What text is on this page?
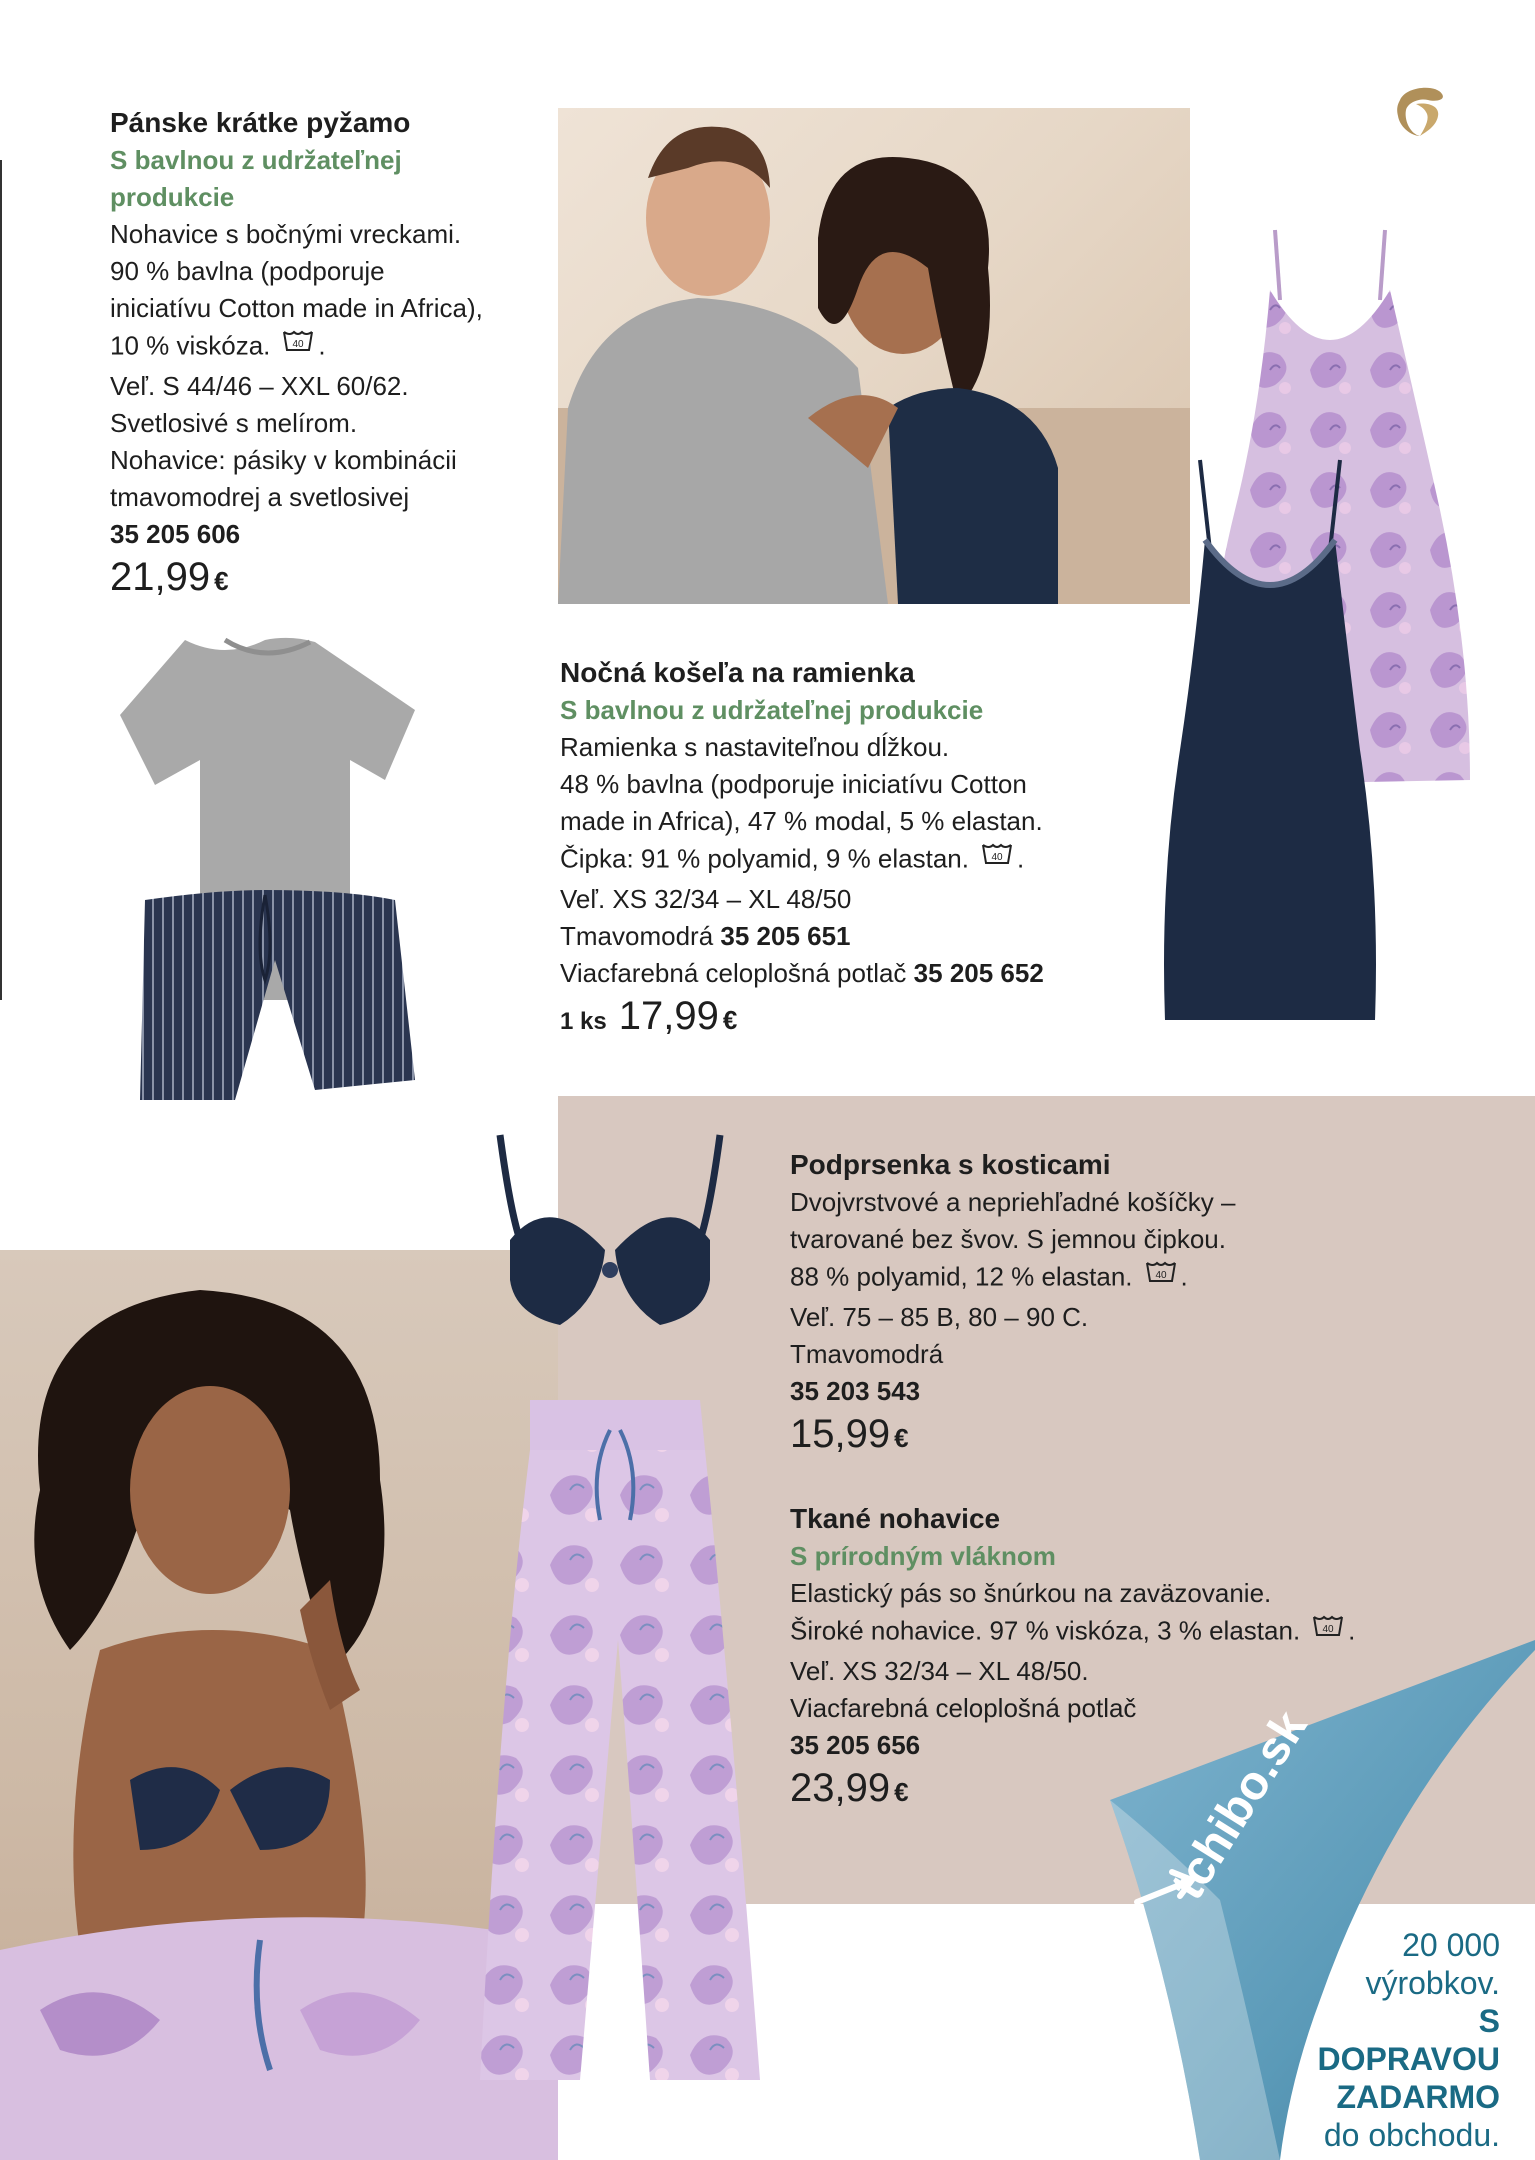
Pánske krátke pyžamo

S bavlnou z udržateľnej

produkcie

Nohavice s bočnými vreckami.

90 % bavlna (podporuje

iniciatívu Cotton made in Africa),

10 % viskóza. 40 .

Veľ. S 44/46 – XXL 60/62.

Svetlosivé s melírom.

Nohavice: pásiky v kombinácii

tmavomodrej a svetlosivej

35 205 606

21,99 €

Nočná košeľa na ramienka

S bavlnou z udržateľnej produkcie

Ramienka s nastaviteľnou dĺžkou.

48 % bavlna (podporuje iniciatívu Cotton

made in Africa), 47 % modal, 5 % elastan.

Čipka: 91 % polyamid, 9 % elastan. 40 .

Veľ. XS 32/34 – XL 48/50

Tmavomodrá 35 205 651

Viacfarebná celoplošná potlač 35 205 652

1 ks 17,99 €

Podprsenka s kosticami

Dvojvrstvové a nepriehľadné košíčky –

tvarované bez švov. S jemnou čipkou.

88 % polyamid, 12 % elastan. 40 .

Veľ. 75 – 85 B, 80 – 90 C.

Tmavomodrá

35 203 543

15,99 €

Tkané nohavice

S prírodným vláknom

Elastický pás so šnúrkou na zaväzovanie.

Široké nohavice. 97 % viskóza, 3 % elastan. 40 .

Veľ. XS 32/34 – XL 48/50.

Viacfarebná celoplošná potlač

35 205 656

23,99 €	tchibo.sk
20 000
výrobkov.
S DOPRAVOU
ZADARMO
do obchodu.
